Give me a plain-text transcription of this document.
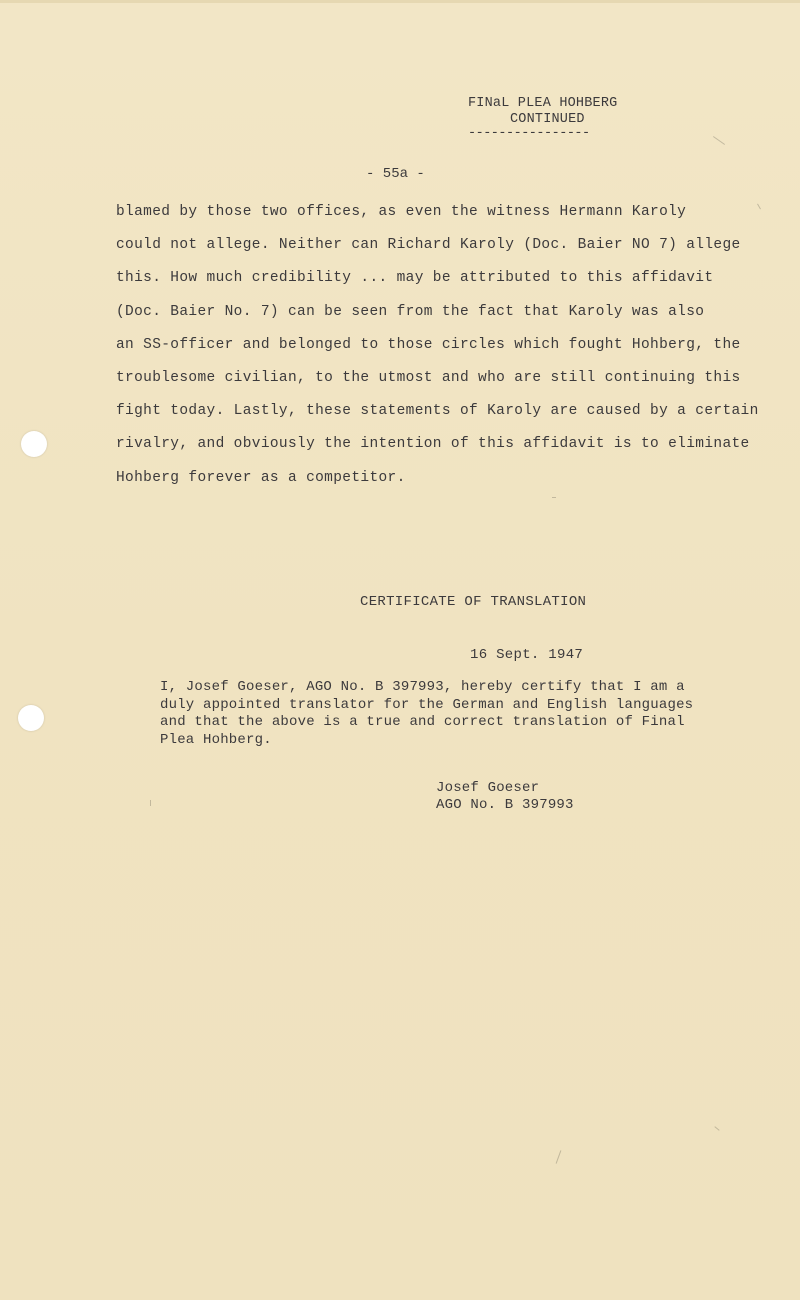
FINaL PLEA HOHBERG
CONTINUED
----------------
- 55a -
blamed by those two offices, as even the witness Hermann Karoly
could not allege. Neither can Richard Karoly (Doc. Baier NO 7) allege
this. How much credibility ... may be attributed to this affidavit
(Doc. Baier No. 7) can be seen from the fact that Karoly was also
an SS-officer and belonged to those circles which fought Hohberg, the
troublesome civilian, to the utmost and who are still continuing this
fight today. Lastly, these statements of Karoly are caused by a certain
rivalry, and obviously the intention of this affidavit is to eliminate
Hohberg forever as a competitor.
CERTIFICATE OF TRANSLATION
16 Sept. 1947
I, Josef Goeser, AGO No. B 397993, hereby certify that I am a
duly appointed translator for the German and English languages
and that the above is a true and correct translation of Final
Plea Hohberg.
Josef Goeser
AGO No. B 397993
